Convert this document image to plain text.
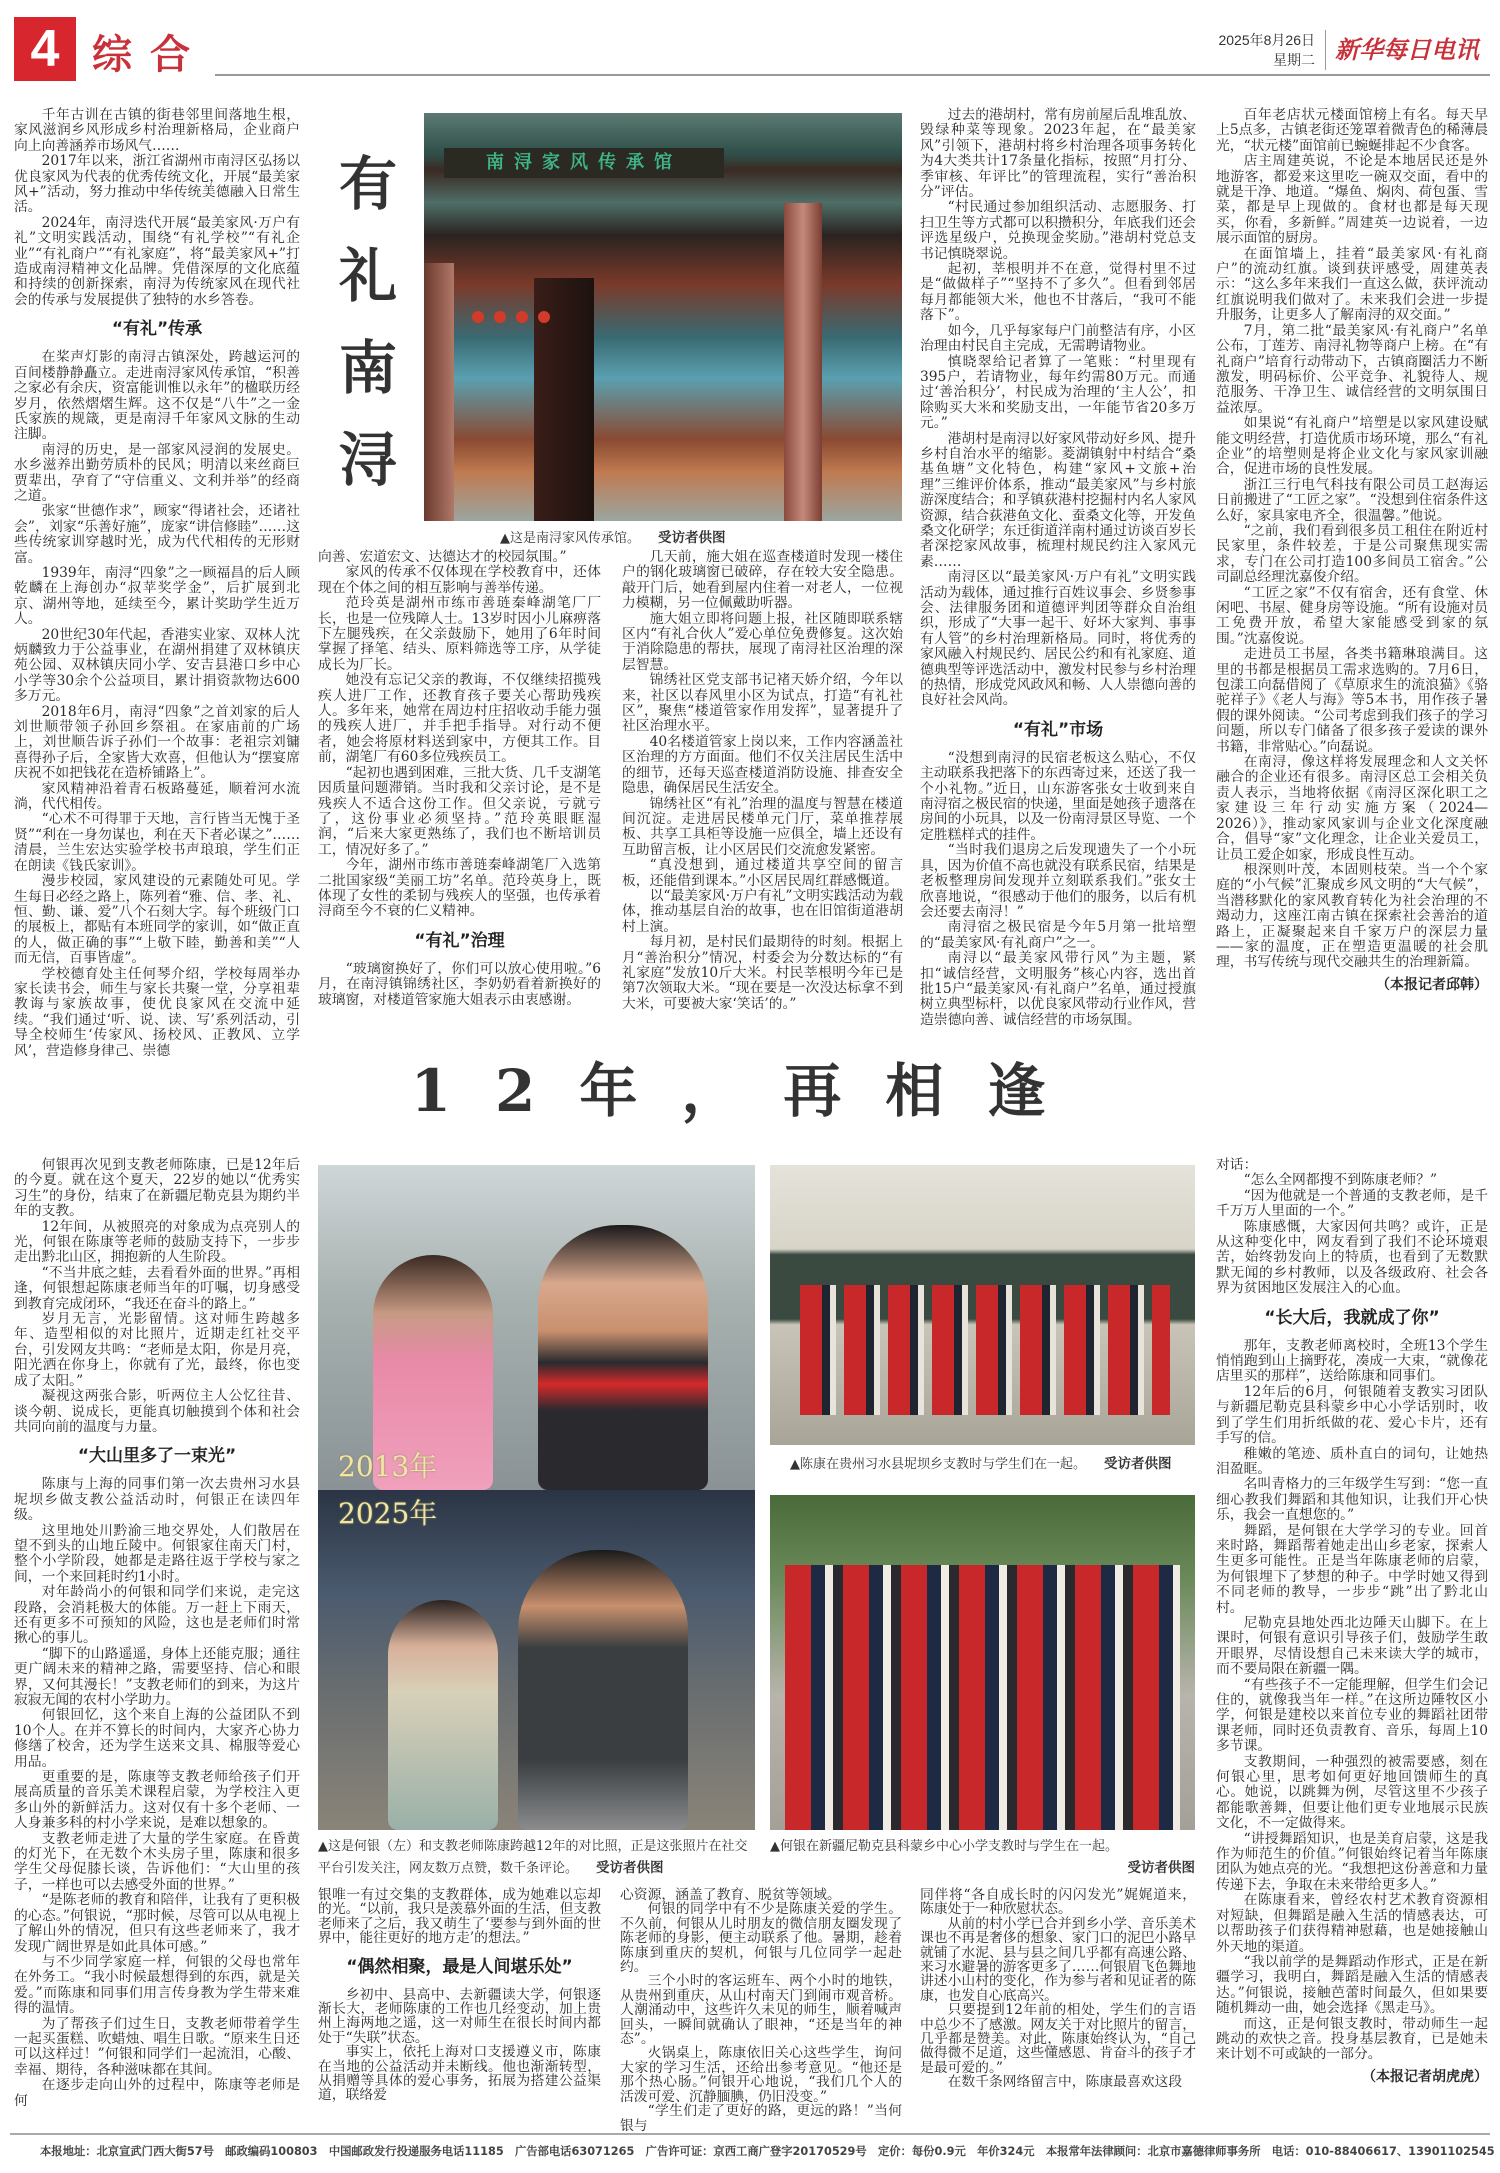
4 综合	2025年8月26日
星期二 新华每日电讯

千年古训在古镇的街巷邻里间落地生根，家风滋润乡风形成乡村治理新格局，企业商户向上向善涵养市场风气……

2017年以来，浙江省湖州市南浔区弘扬以优良家风为代表的优秀传统文化，开展“最美家风+”活动，努力推动中华传统美德融入日常生活。

2024年，南浔迭代开展“最美家风·万户有礼”文明实践活动，围绕“有礼学校”“有礼企业”“有礼商户”“有礼家庭”，将“最美家风+”打造成南浔精神文化品牌。凭借深厚的文化底蕴和持续的创新探索，南浔为传统家风在现代社会的传承与发展提供了独特的水乡答卷。

“有礼”传承

在桨声灯影的南浔古镇深处，跨越运河的百间楼静静矗立。走进南浔家风传承馆，“积善之家必有余庆，资富能训惟以永年”的楹联历经岁月，依然熠熠生辉。这不仅是“八牛”之一金氏家族的规箴，更是南浔千年家风文脉的生动注脚。

南浔的历史，是一部家风浸润的发展史。水乡滋养出勤劳质朴的民风；明清以来丝商巨贾辈出，孕育了“守信重义、文利并举”的经商之道。

张家“世德作求”，顾家“得诸社会，还诸社会”，刘家“乐善好施”，庞家“讲信修睦”……这些传统家训穿越时光，成为代代相传的无形财富。

1939年，南浔“四象”之一顾福昌的后人顾乾麟在上海创办“叔苹奖学金”，后扩展到北京、湖州等地，延续至今，累计奖助学生近万人。

20世纪30年代起，香港实业家、双林人沈炳麟致力于公益事业，在湖州捐建了双林镇庆苑公园、双林镇庆同小学、安吉县港口乡中心小学等30余个公益项目，累计捐资款物达600多万元。

2018年6月，南浔“四象”之首刘家的后人刘世顺带领子孙回乡祭祖。在家庙前的广场上，刘世顺告诉子孙们一个故事：老祖宗刘镛喜得孙子后，全家皆大欢喜，但他认为“摆宴席庆祝不如把钱花在造桥铺路上”。

家风精神沿着青石板路蔓延，顺着河水流淌，代代相传。

“心术不可得罪于天地，言行皆当无愧于圣贤”“利在一身勿谋也，利在天下者必谋之”……清晨，兰生宏达实验学校书声琅琅，学生们正在朗读《钱氏家训》。

漫步校园，家风建设的元素随处可见。学生每日必经之路上，陈列着“雅、信、孝、礼、恒、勤、谦、爱”八个石刻大字。每个班级门口的展板上，都贴有本班同学的家训，如“做正直的人，做正确的事”“上敬下睦，勤善和美”“人而无信，百事皆虚”。

学校德育处主任何琴介绍，学校每周举办家长读书会，师生与家长共聚一堂，分享祖辈教诲与家族故事，使优良家风在交流中延续。“我们通过‘听、说、读、写’系列活动，引导全校师生‘传家风、扬校风、正教风、立学风’，营造修身律己、崇德

有
礼
南
浔
南浔家风传承馆
▲这是南浔家风传承馆。 受访者供图

向善、宏道宏文、达德达才的校园氛围。”

家风的传承不仅体现在学校教育中，还体现在个体之间的相互影响与善举传递。

范玲英是湖州市练市善琏秦峰湖笔厂厂长，也是一位残障人士。13岁时因小儿麻痹落下左腿残疾，在父亲鼓励下，她用了6年时间掌握了择笔、结头、原料筛选等工序，从学徒成长为厂长。

她没有忘记父亲的教诲，不仅继续招揽残疾人进厂工作，还教育孩子要关心帮助残疾人。多年来，她常在周边村庄招收动手能力强的残疾人进厂，并手把手指导。对行动不便者，她会将原材料送到家中，方便其工作。目前，湖笔厂有60多位残疾员工。

“起初也遇到困难，三批大货、几千支湖笔因质量问题滞销。当时我和父亲讨论，是不是残疾人不适合这份工作。但父亲说，亏就亏了，这份事业必须坚持。”范玲英眼眶湿润，“后来大家更熟练了，我们也不断培训员工，情况好多了。”

今年，湖州市练市善琏秦峰湖笔厂入选第二批国家级“美丽工坊”名单。范玲英身上，既体现了女性的柔韧与残疾人的坚强，也传承着浔商至今不衰的仁义精神。

“有礼”治理

“玻璃窗换好了，你们可以放心使用啦。”6月，在南浔镇锦绣社区，李奶奶看着新换好的玻璃窗，对楼道管家施大姐表示由衷感谢。

几天前，施大姐在巡查楼道时发现一楼住户的钢化玻璃窗已破碎，存在较大安全隐患。敲开门后，她看到屋内住着一对老人，一位视力模糊，另一位佩戴助听器。

施大姐立即将问题上报，社区随即联系辖区内“有礼合伙人”爱心单位免费修复。这次始于消除隐患的帮扶，展现了南浔社区治理的深层智慧。

锦绣社区党支部书记褚天娇介绍，今年以来，社区以春风里小区为试点，打造“有礼社区”，聚焦“楼道管家作用发挥”，显著提升了社区治理水平。

40名楼道管家上岗以来，工作内容涵盖社区治理的方方面面。他们不仅关注居民生活中的细节，还每天巡查楼道消防设施、排查安全隐患，确保居民生活安全。

锦绣社区“有礼”治理的温度与智慧在楼道间沉淀。走进居民楼单元门厅，菜单推荐展板、共享工具柜等设施一应俱全，墙上还设有互助留言板，让小区居民们交流愈发紧密。

“真没想到，通过楼道共享空间的留言板，还能借到课本。”小区居民周红群感慨道。

以“最美家风·万户有礼”文明实践活动为载体，推动基层自治的故事，也在旧馆街道港胡村上演。

每月初，是村民们最期待的时刻。根据上月“善治积分”情况，村委会为分数达标的“有礼家庭”发放10斤大米。村民莘根明今年已是第7次领取大米。“现在要是一次没达标拿不到大米，可要被大家‘笑话’的。”

过去的港胡村，常有房前屋后乱堆乱放、毁绿种菜等现象。2023年起，在“最美家风”引领下，港胡村将乡村治理各项事务转化为4大类共计17条量化指标，按照“月打分、季审核、年评比”的管理流程，实行“善治积分”评估。

“村民通过参加组织活动、志愿服务、打扫卫生等方式都可以积攒积分，年底我们还会评选星级户，兑换现金奖励。”港胡村党总支书记慎晓翠说。

起初，莘根明并不在意，觉得村里不过是“做做样子”“坚持不了多久”。但看到邻居每月都能领大米，他也不甘落后，“我可不能落下”。

如今，几乎每家每户门前整洁有序，小区治理由村民自主完成，无需聘请物业。

慎晓翠给记者算了一笔账：“村里现有395户，若请物业，每年约需80万元。而通过‘善治积分’，村民成为治理的‘主人公’，扣除购买大米和奖励支出，一年能节省20多万元。”

港胡村是南浔以好家风带动好乡风、提升乡村自治水平的缩影。菱湖镇射中村结合“桑基鱼塘”文化特色，构建“家风+文旅+治理”三维评价体系，推动“最美家风”与乡村旅游深度结合；和孚镇荻港村挖掘村内名人家风资源，结合荻港鱼文化、蚕桑文化等，开发鱼桑文化研学；东迁街道洋南村通过访谈百岁长者深挖家风故事，梳理村规民约注入家风元素……

南浔区以“最美家风·万户有礼”文明实践活动为载体，通过推行百姓议事会、乡贤参事会、法律服务团和道德评判团等群众自治组织，形成了“大事一起干、好坏大家判、事事有人管”的乡村治理新格局。同时，将优秀的家风融入村规民约、居民公约和有礼家庭、道德典型等评选活动中，激发村民参与乡村治理的热情，形成党风政风和畅、人人崇德向善的良好社会风尚。

“有礼”市场

“没想到南浔的民宿老板这么贴心，不仅主动联系我把落下的东西寄过来，还送了我一个小礼物。”近日，山东游客张女士收到来自南浔宿之极民宿的快递，里面是她孩子遗落在房间的小玩具，以及一份南浔景区导览、一个定胜糕样式的挂件。

“当时我们退房之后发现遗失了一个小玩具，因为价值不高也就没有联系民宿，结果是老板整理房间发现并立刻联系我们。”张女士欣喜地说，“很感动于他们的服务，以后有机会还要去南浔！”

南浔宿之极民宿是今年5月第一批培塑的“最美家风·有礼商户”之一。

南浔以“最美家风带行风”为主题，紧扣“诚信经营，文明服务”核心内容，选出首批15户“最美家风·有礼商户”名单，通过授旗树立典型标杆，以优良家风带动行业作风，营造崇德向善、诚信经营的市场氛围。

百年老店状元楼面馆榜上有名。每天早上5点多，古镇老街还笼罩着微青色的稀薄晨光，“状元楼”面馆前已蜿蜒排起不少食客。

店主周建英说，不论是本地居民还是外地游客，都爱来这里吃一碗双交面，看中的就是干净、地道。“爆鱼、焖肉、荷包蛋、雪菜，都是早上现做的。食材也都是每天现买，你看，多新鲜。”周建英一边说着，一边展示面馆的厨房。

在面馆墙上，挂着“最美家风·有礼商户”的流动红旗。谈到获评感受，周建英表示：“这么多年来我们一直这么做，获评流动红旗说明我们做对了。未来我们会进一步提升服务，让更多人了解南浔的双交面。”

7月，第二批“最美家风·有礼商户”名单公布，丁莲芳、南浔礼物等商户上榜。在“有礼商户”培育行动带动下，古镇商圈活力不断激发，明码标价、公平竞争、礼貌待人、规范服务、干净卫生、诚信经营的文明氛围日益浓厚。

如果说“有礼商户”培塑是以家风建设赋能文明经营，打造优质市场环境，那么“有礼企业”的培塑则是将企业文化与家风家训融合，促进市场的良性发展。

浙江三行电气科技有限公司员工赵海运日前搬进了“工匠之家”。“没想到住宿条件这么好，家具家电齐全，很温馨。”他说。

“之前，我们看到很多员工租住在附近村民家里，条件较差，于是公司聚焦现实需求，专门在公司打造100多间员工宿舍。”公司副总经理沈嘉俊介绍。

“工匠之家”不仅有宿舍，还有食堂、休闲吧、书屋、健身房等设施。“所有设施对员工免费开放，希望大家能感受到家的氛围。”沈嘉俊说。

走进员工书屋，各类书籍琳琅满目。这里的书都是根据员工需求选购的。7月6日，包漾工向磊借阅了《草原求生的流浪猫》《骆驼祥子》《老人与海》等5本书，用作孩子暑假的课外阅读。“公司考虑到我们孩子的学习问题，所以专门储备了很多孩子爱读的课外书籍，非常贴心。”向磊说。

在南浔，像这样将发展理念和人文关怀融合的企业还有很多。南浔区总工会相关负责人表示，当地将依据《南浔区深化职工之家建设三年行动实施方案（2024—2026）》，推动家风家训与企业文化深度融合，倡导“家”文化理念，让企业关爱员工，让员工爱企如家，形成良性互动。

根深则叶茂，本固则枝荣。当一个个家庭的“小气候”汇聚成乡风文明的“大气候”，当潜移默化的家风教育转化为社会治理的不竭动力，这座江南古镇在探索社会善治的道路上，正凝聚起来自千家万户的深层力量——家的温度，正在塑造更温暖的社会肌理，书写传统与现代交融共生的治理新篇。

（本报记者邱韩）
12年，再相逢

何银再次见到支教老师陈康，已是12年后的今夏。就在这个夏天，22岁的她以“优秀实习生”的身份，结束了在新疆尼勒克县为期约半年的支教。

12年间，从被照亮的对象成为点亮别人的光，何银在陈康等老师的鼓励支持下，一步步走出黔北山区，拥抱新的人生阶段。

“不当井底之蛙，去看看外面的世界。”再相逢，何银想起陈康老师当年的叮嘱，切身感受到教育完成闭环，“我还在奋斗的路上。”

岁月无言，光影留情。这对师生跨越多年、造型相似的对比照片，近期走红社交平台，引发网友共鸣：“老师是太阳，你是月亮，阳光洒在你身上，你就有了光，最终，你也变成了太阳。”

凝视这两张合影，听两位主人公忆往昔、谈今朝、说成长，更能真切触摸到个体和社会共同向前的温度与力量。

“大山里多了一束光”

陈康与上海的同事们第一次去贵州习水县坭坝乡做支教公益活动时，何银正在读四年级。

这里地处川黔渝三地交界处，人们散居在望不到头的山地丘陵中。何银家住南天门村，整个小学阶段，她都是走路往返于学校与家之间，一个来回耗时约1小时。

对年龄尚小的何银和同学们来说，走完这段路，会消耗极大的体能。万一赶上下雨天，还有更多不可预知的风险，这也是老师们时常揪心的事儿。

“脚下的山路遥遥，身体上还能克服；通往更广阔未来的精神之路，需要坚持、信心和眼界，又何其漫长！”支教老师们的到来，为这片寂寂无闻的农村小学助力。

何银回忆，这个来自上海的公益团队不到10个人。在并不算长的时间内，大家齐心协力修缮了校舍，还为学生送来文具、棉服等爱心用品。

更重要的是，陈康等支教老师给孩子们开展高质量的音乐美术课程启蒙，为学校注入更多山外的新鲜活力。这对仅有十多个老师、一人身兼多科的村小学来说，是难以想象的。

支教老师走进了大量的学生家庭。在昏黄的灯光下，在无数个木头房子里，陈康和很多学生父母促膝长谈，告诉他们：“大山里的孩子，一样也可以去感受外面的世界。”

“是陈老师的教育和陪伴，让我有了更积极的心态。”何银说，“那时候，尽管可以从电视上了解山外的情况，但只有这些老师来了，我才发现广阔世界是如此具体可感。”

与不少同学家庭一样，何银的父母也常年在外务工。“我小时候最想得到的东西，就是关爱。”而陈康和同事们用言传身教为学生带来难得的温情。

为了帮孩子们过生日，支教老师带着学生一起买蛋糕、吹蜡烛、唱生日歌。“原来生日还可以这样过！”何银和同学们一起流泪，心酸、幸福、期待，各种滋味都在其间。

在逐步走向山外的过程中，陈康等老师是何

2013年
2025年
▲这是何银（左）和支教老师陈康跨越12年的对比照，正是这张照片在社交平台引发关注，网友数万点赞，数千条评论。 受访者供图
▲陈康在贵州习水县坭坝乡支教时与学生们在一起。 受访者供图
▲何银在新疆尼勒克县科蒙乡中心小学支教时与学生在一起。

受访者供图

银唯一有过交集的支教群体，成为她难以忘却的光。“以前，我只是羡慕外面的生活，但支教老师来了之后，我又萌生了‘要参与到外面的世界中，能往更好的地方走’的想法。”

“偶然相聚，最是人间堪乐处”

乡初中、县高中、去新疆读大学，何银逐渐长大，老师陈康的工作也几经变动，加上贵州上海两地之遥，这一对师生在很长时间内都处于“失联”状态。

事实上，依托上海对口支援遵义市，陈康在当地的公益活动并未断线。他也渐渐转型，从捐赠等具体的爱心事务，拓展为搭建公益渠道，联络爱

心资源，涵盖了教育、脱贫等领域。

何银的同学中有不少是陈康关爱的学生。不久前，何银从儿时朋友的微信朋友圈发现了陈老师的身影，便主动联系了他。暑期，趁着陈康到重庆的契机，何银与几位同学一起赴约。

三个小时的客运班车、两个小时的地铁，从贵州到重庆，从山村南天门到闹市观音桥。人潮涌动中，这些许久未见的师生，顺着喊声回头，一瞬间就确认了眼神，“还是当年的神态”。

火锅桌上，陈康依旧关心这些学生，询问大家的学习生活，还给出参考意见。“他还是那个热心肠。”何银开心地说，“我们几个人的活泼可爱、沉静腼腆，仍旧没变。”

“学生们走了更好的路，更远的路！”当何银与

同伴将“各自成长时的闪闪发光”娓娓道来，陈康处于一种欣慰状态。

从前的村小学已合并到乡小学、音乐美术课也不再是奢侈的想象、家门口的泥巴小路早就铺了水泥、县与县之间几乎都有高速公路、来习水避暑的游客更多了……何银眉飞色舞地讲述小山村的变化，作为参与者和见证者的陈康，也发自心底高兴。

只要提到12年前的相处，学生们的言语中总少不了感激。网友关于对比照片的留言，几乎都是赞美。对此，陈康始终认为，“自己做得微不足道，这些懂感恩、肯奋斗的孩子才是最可爱的。”

在数千条网络留言中，陈康最喜欢这段

对话：

“怎么全网都搜不到陈康老师？”

“因为他就是一个普通的支教老师，是千千万万人里面的一个。”

陈康感慨，大家因何共鸣？或许，正是从这种变化中，网友看到了我们不论环境艰苦，始终勃发向上的特质，也看到了无数默默无闻的乡村教师，以及各级政府、社会各界为贫困地区发展注入的心血。

“长大后，我就成了你”

那年，支教老师离校时，全班13个学生悄悄跑到山上摘野花，凑成一大束，“就像花店里买的那样”，送给陈康和同事们。

12年后的6月，何银随着支教实习团队与新疆尼勒克县科蒙乡中心小学话别时，收到了学生们用折纸做的花、爱心卡片，还有手写的信。

稚嫩的笔迹、质朴直白的词句，让她热泪盈眶。

名叫青格力的三年级学生写到：“您一直细心教我们舞蹈和其他知识，让我们开心快乐，我会一直想您的。”

舞蹈，是何银在大学学习的专业。回首来时路，舞蹈帮着她走出山乡老家，探索人生更多可能性。正是当年陈康老师的启蒙，为何银埋下了梦想的种子。中学时她又得到不同老师的教导，一步步“跳”出了黔北山村。

尼勒克县地处西北边陲天山脚下。在上课时，何银有意识引导孩子们，鼓励学生敢开眼界，尽情设想自己未来读大学的城市，而不要局限在新疆一隅。

“有些孩子不一定能理解，但学生们会记住的，就像我当年一样。”在这所边陲牧区小学，何银是建校以来首位专业的舞蹈社团带课老师，同时还负责教育、音乐，每周上10多节课。

支教期间，一种强烈的被需要感，刻在何银心里，思考如何更好地回馈师生的真心。她说，以跳舞为例，尽管这里不少孩子都能歌善舞，但要让他们更专业地展示民族文化，不一定做得来。

“讲授舞蹈知识，也是美育启蒙，这是我作为师范生的价值。”何银始终记着当年陈康团队为她点亮的光。“我想把这份善意和力量传递下去，争取在未来带给更多人。”

在陈康看来，曾经农村艺术教育资源相对短缺，但舞蹈是融入生活的情感表达，可以帮助孩子们获得精神慰藉，也是她接触山外天地的渠道。

“我以前学的是舞蹈动作形式，正是在新疆学习，我明白，舞蹈是融入生活的情感表达。”何银说，接触芭蕾时间最久，但如果要随机舞动一曲，她会选择《黑走马》。

而这，正是何银支教时，带动师生一起跳动的欢快之音。投身基层教育，已是她未来计划不可或缺的一部分。

（本报记者胡虎虎）
本报地址：北京宣武门西大街57号　邮政编码100803　中国邮政发行投递服务电话11185　广告部电话63071265　广告许可证：京西工商广登字20170529号　定价：每份0.9元　年价324元　本报常年法律顾问：北京市嘉德律师事务所　电话：010-88406617、13901102545
